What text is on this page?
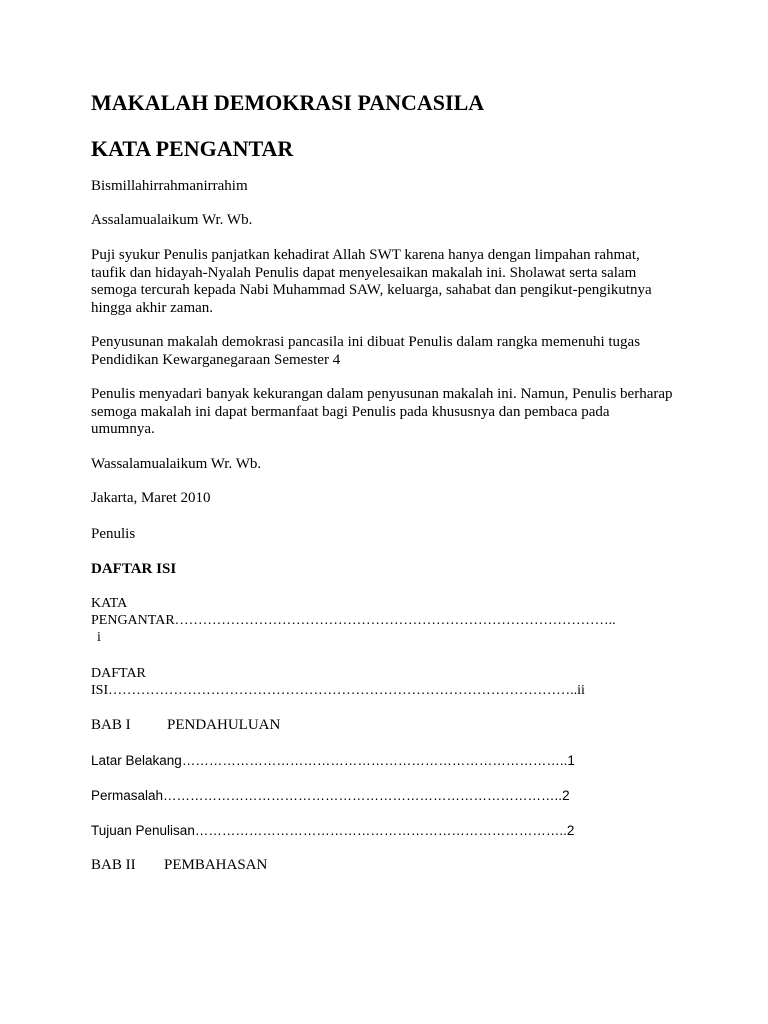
MAKALAH DEMOKRASI PANCASILA
KATA PENGANTAR

Bismillahirrahmanirrahim

Assalamualaikum Wr. Wb.

Puji syukur Penulis panjatkan kehadirat Allah SWT karena hanya dengan limpahan rahmat,
taufik dan hidayah-Nyalah Penulis dapat menyelesaikan makalah ini. Sholawat serta salam
semoga tercurah kepada Nabi Muhammad SAW, keluarga, sahabat dan pengikut-pengikutnya
hingga akhir zaman.
Penyusunan makalah demokrasi pancasila ini dibuat Penulis dalam rangka memenuhi tugas
Pendidikan Kewarganegaraan Semester 4
Penulis menyadari banyak kekurangan dalam penyusunan makalah ini. Namun, Penulis berharap
semoga makalah ini dapat bermanfaat bagi Penulis pada khususnya dan pembaca pada
umumnya.

Wassalamualaikum Wr. Wb.

Jakarta, Maret 2010

Penulis

DAFTAR ISI

KATA
PENGANTAR…………………………………………………………………………………..
i
DAFTAR
ISI………………………………………………………………………………………..ii
BAB I PENDAHULUAN
Latar Belakang…………………………………………………………………………..1
Permasalah……………………………………………………………………………..2
Tujuan Penulisan………………………………………………………………………..2
BAB II PEMBAHASAN
